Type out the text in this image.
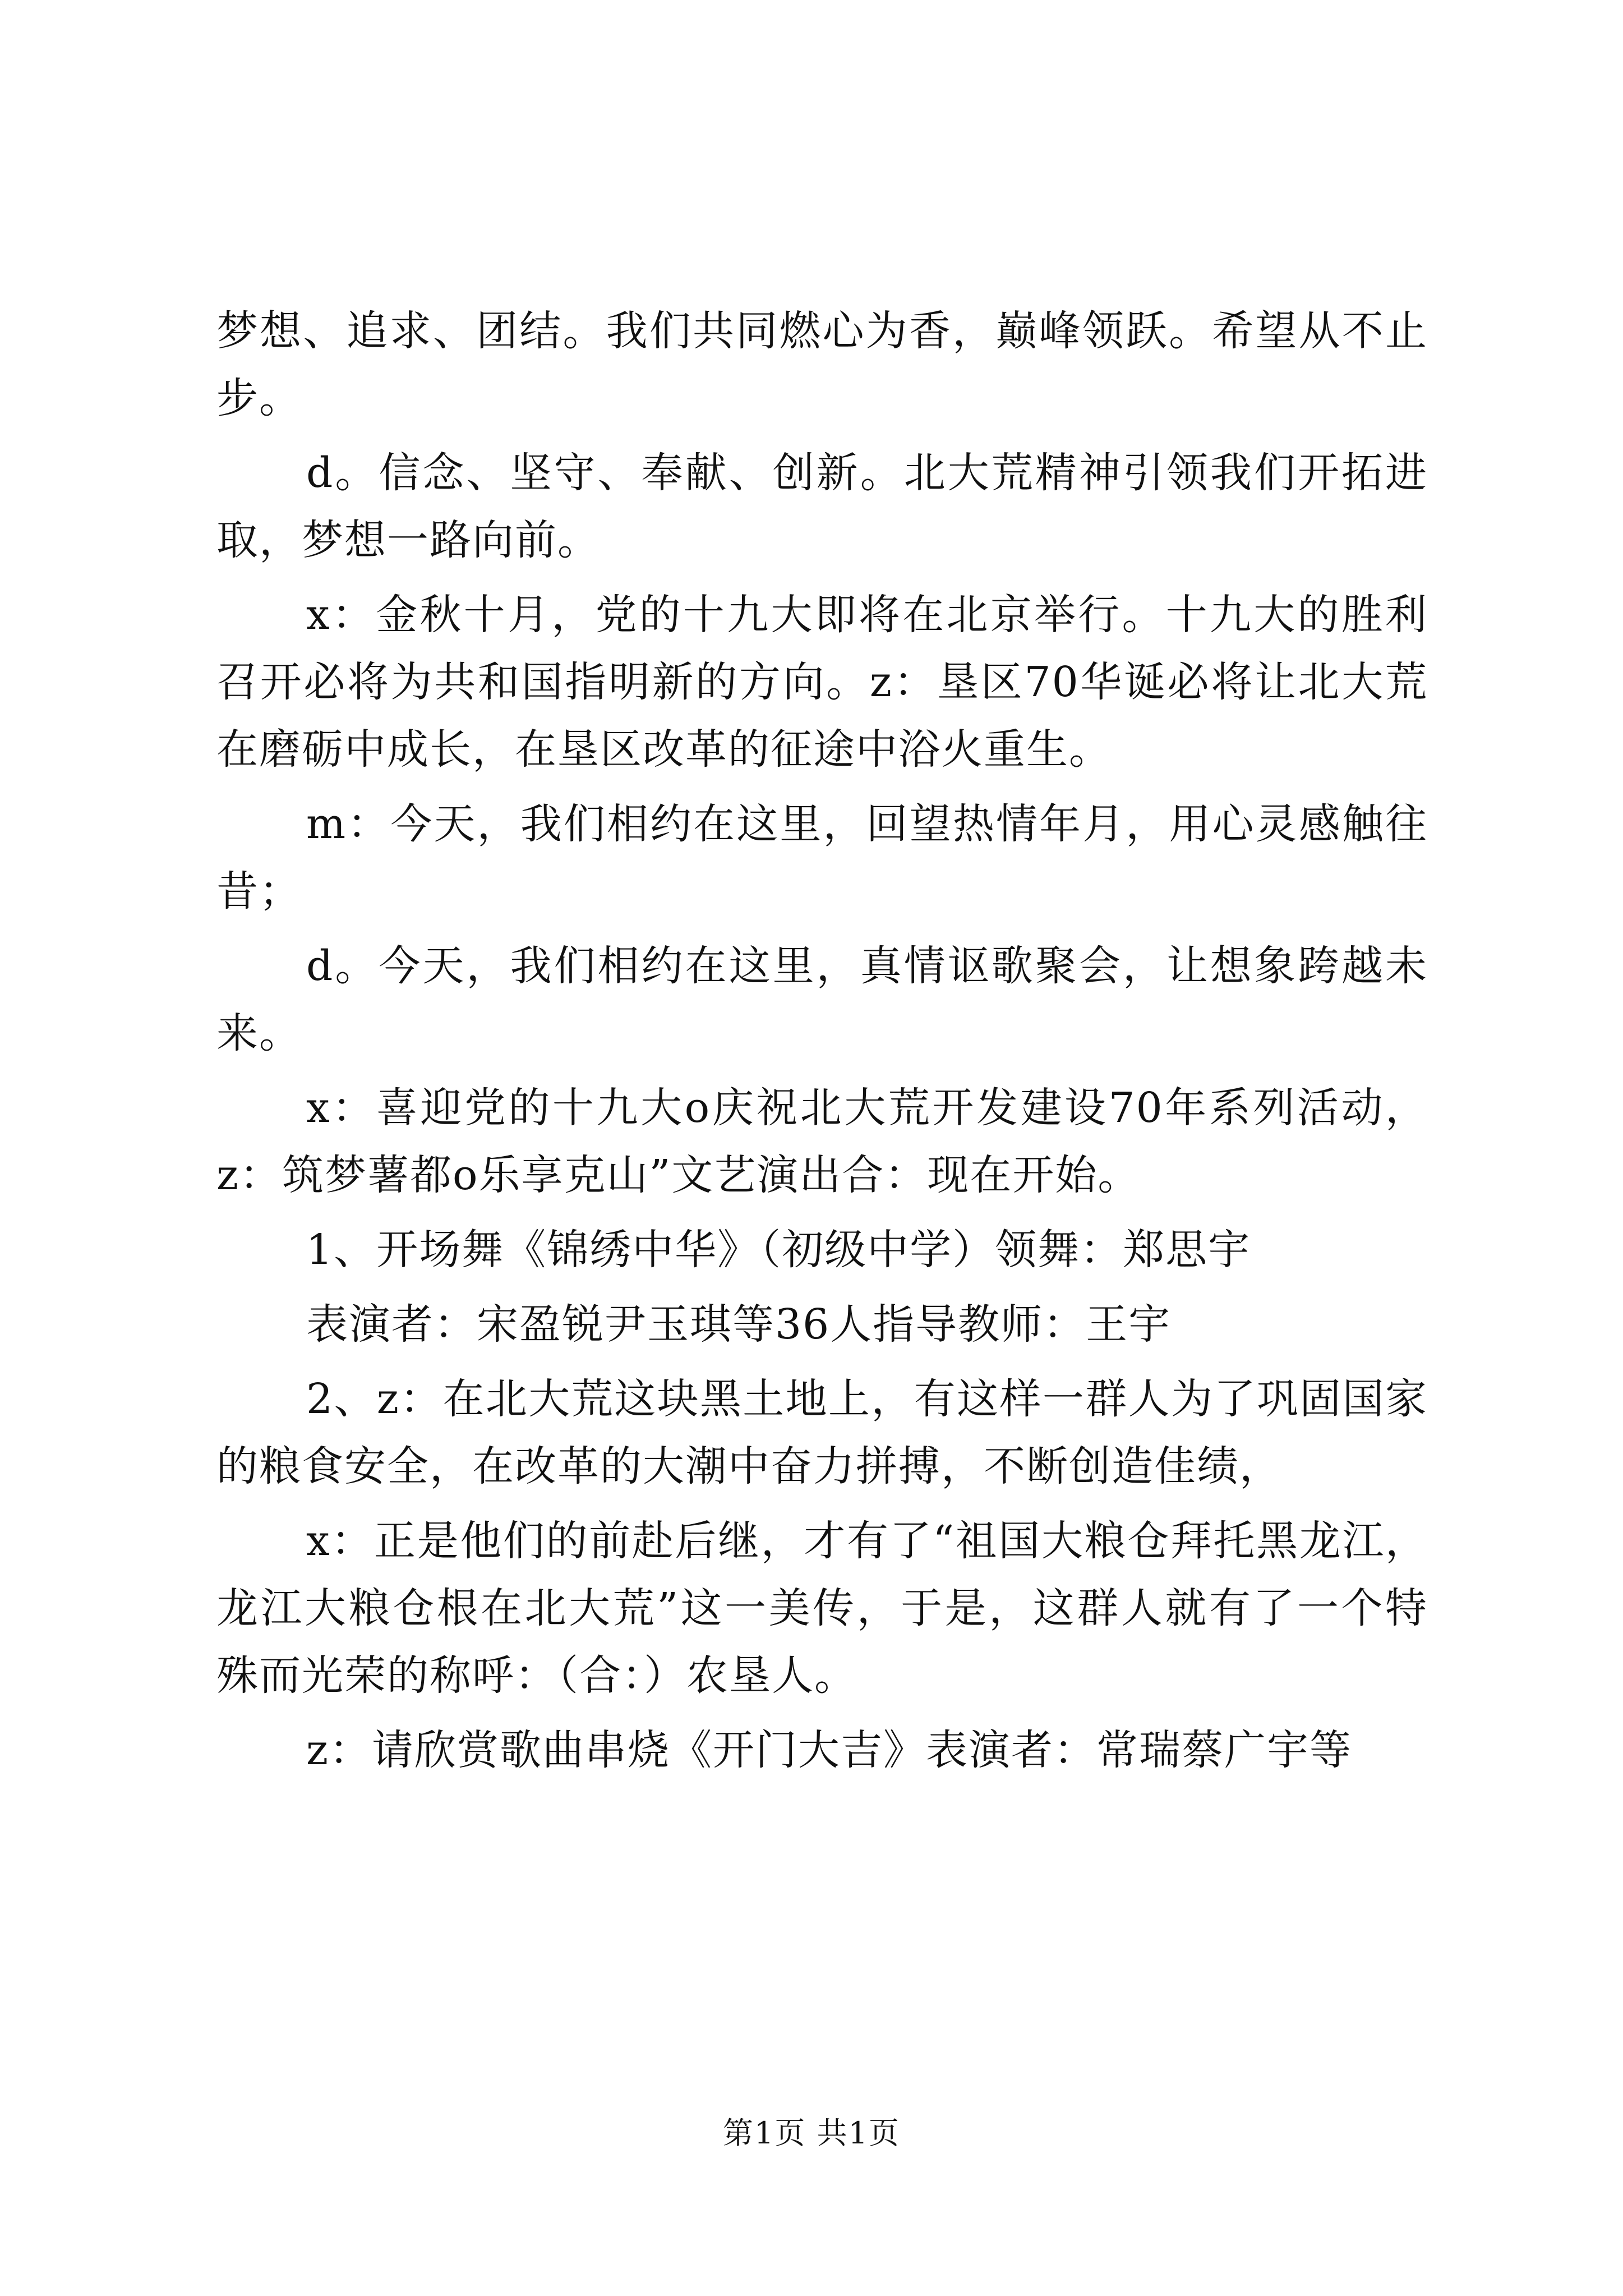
梦想、追求、团结。我们共同燃心为香，巅峰领跃。希望从不止步。

d。信念、坚守、奉献、创新。北大荒精神引领我们开拓进取，梦想一路向前。

x：金秋十月，党的十九大即将在北京举行。十九大的胜利召开必将为共和国指明新的方向。z：垦区70华诞必将让北大荒在磨砺中成长，在垦区改革的征途中浴火重生。

m：今天，我们相约在这里，回望热情年月，用心灵感触往昔；

d。今天，我们相约在这里，真情讴歌聚会，让想象跨越未来。

x：喜迎党的十九大o庆祝北大荒开发建设70年系列活动，z：筑梦薯都o乐享克山”文艺演出合：现在开始。

1、开场舞《锦绣中华》（初级中学）领舞：郑思宇

表演者：宋盈锐尹玉琪等36人指导教师：王宇

2、z：在北大荒这块黑土地上，有这样一群人为了巩固国家的粮食安全，在改革的大潮中奋力拼搏，不断创造佳绩，

x：正是他们的前赴后继，才有了“祖国大粮仓拜托黑龙江，龙江大粮仓根在北大荒”这一美传，于是，这群人就有了一个特殊而光荣的称呼：（合：）农垦人。

z：请欣赏歌曲串烧《开门大吉》表演者：常瑞蔡广宇等

第1页 共1页
